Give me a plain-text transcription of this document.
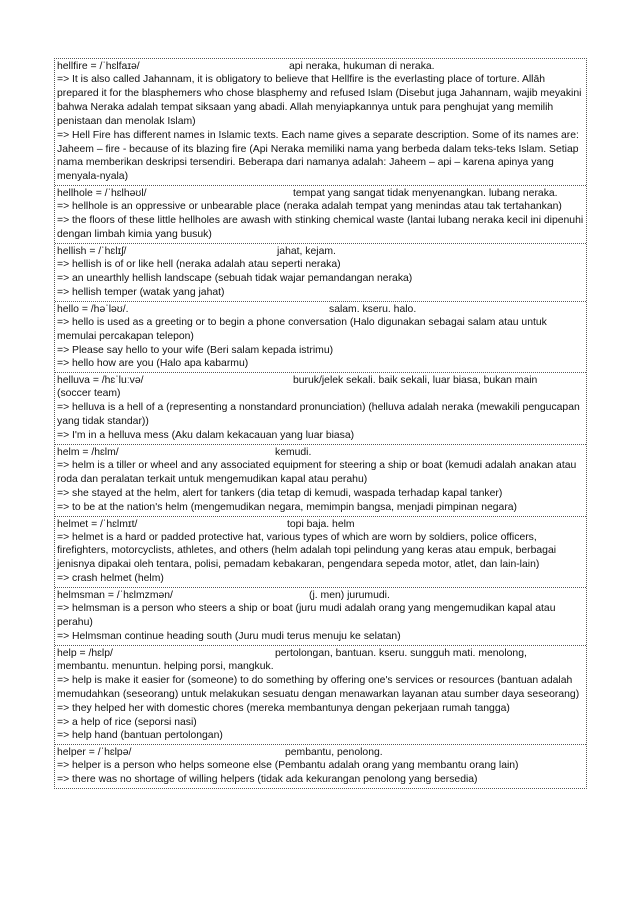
hellfire = /ˈhɛlfaɪə/	api neraka, hukuman di neraka.

=> It is also called Jahannam, it is obligatory to believe that Hellfire is the everlasting place of torture. Allāh prepared it for the blasphemers who chose blasphemy and refused Islam (Disebut juga Jahannam, wajib meyakini bahwa Neraka adalah tempat siksaan yang abadi. Allah menyiapkannya untuk para penghujat yang memilih penistaan dan menolak Islam)

=> Hell Fire has different names in Islamic texts. Each name gives a separate description. Some of its names are: Jaheem – fire - because of its blazing fire (Api Neraka memiliki nama yang berbeda dalam teks-teks Islam. Setiap nama memberikan deskripsi tersendiri. Beberapa dari namanya adalah: Jaheem – api – karena apinya yang menyala-nyala)

hellhole = /ˈhɛlhəʊl/	tempat yang sangat tidak menyenangkan. lubang neraka.

=> hellhole is an oppressive or unbearable place (neraka adalah tempat yang menindas atau tak tertahankan)

=> the floors of these little hellholes are awash with stinking chemical waste (lantai lubang neraka kecil ini dipenuhi dengan limbah kimia yang busuk)

hellish = /ˈhɛlɪʃ/	jahat, kejam.

=> hellish is of or like hell (neraka adalah atau seperti neraka)

=> an unearthly hellish landscape (sebuah tidak wajar pemandangan neraka)

=> hellish temper (watak yang jahat)

hello = /həˈləʊ/.	salam. kseru. halo.

=> hello is used as a greeting or to begin a phone conversation (Halo digunakan sebagai salam atau untuk memulai percakapan telepon)

=> Please say hello to your wife (Beri salam kepada istrimu)

=> hello how are you (Halo apa kabarmu)

helluva = /hɛˈluːvə/	buruk/jelek sekali. baik sekali, luar biasa, bukan main

(soccer team)

=> helluva is a hell of a (representing a nonstandard pronunciation) (helluva adalah neraka (mewakili pengucapan yang tidak standar))

=> I'm in a helluva mess (Aku dalam kekacauan yang luar biasa)

helm = /hɛlm/	kemudi.

=> helm is a tiller or wheel and any associated equipment for steering a ship or boat (kemudi adalah anakan atau roda dan peralatan terkait untuk mengemudikan kapal atau perahu)

=> she stayed at the helm, alert for tankers (dia tetap di kemudi, waspada terhadap kapal tanker)

=> to be at the nation's helm (mengemudikan negara, memimpin bangsa, menjadi pimpinan negara)

helmet = /ˈhɛlmɪt/	topi baja. helm

=> helmet is a hard or padded protective hat, various types of which are worn by soldiers, police officers, firefighters, motorcyclists, athletes, and others (helm adalah topi pelindung yang keras atau empuk, berbagai jenisnya dipakai oleh tentara, polisi, pemadam kebakaran, pengendara sepeda motor, atlet, dan lain-lain)

=> crash helmet (helm)

helmsman = /ˈhɛlmzmən/	(j. men) jurumudi.

=> helmsman is a person who steers a ship or boat (juru mudi adalah orang yang mengemudikan kapal atau perahu)

=> Helmsman continue heading south (Juru mudi terus menuju ke selatan)

help = /hɛlp/	pertolongan, bantuan. kseru. sungguh mati. menolong,

membantu. menuntun. helping porsi, mangkuk.

=> help is make it easier for (someone) to do something by offering one's services or resources (bantuan adalah memudahkan (seseorang) untuk melakukan sesuatu dengan menawarkan layanan atau sumber daya seseorang)

=> they helped her with domestic chores (mereka membantunya dengan pekerjaan rumah tangga)

=> a help of rice (seporsi nasi)

=> help hand (bantuan pertolongan)

helper = /ˈhɛlpə/	pembantu, penolong.

=> helper is a person who helps someone else (Pembantu adalah orang yang membantu orang lain)

=> there was no shortage of willing helpers (tidak ada kekurangan penolong yang bersedia)
